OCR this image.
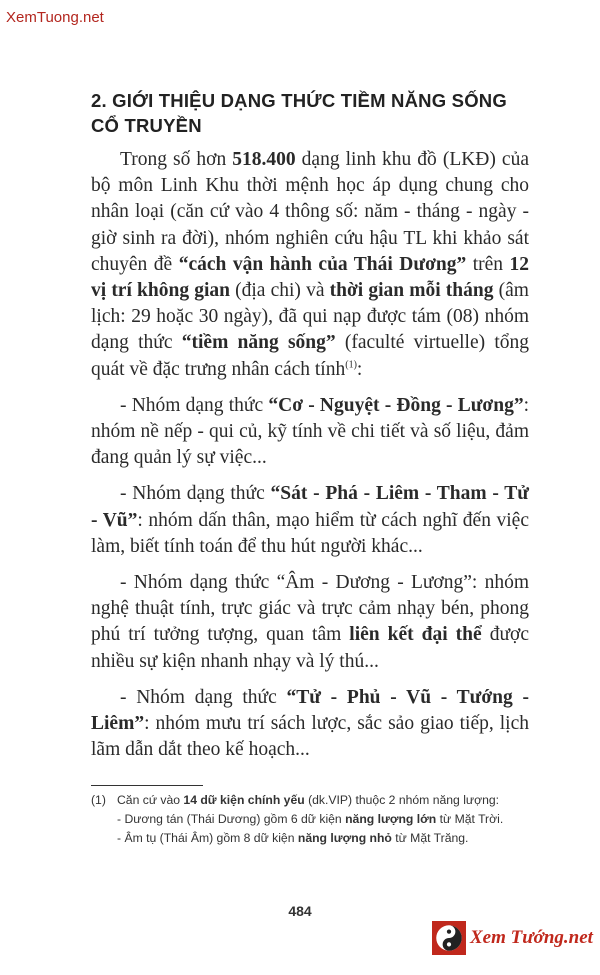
XemTuong.net
2. GIỚI THIỆU DẠNG THỨC TIỀM NĂNG SỐNG CỔ TRUYỀN

Trong số hơn 518.400 dạng linh khu đồ (LKĐ) của bộ môn Linh Khu thời mệnh học áp dụng chung cho nhân loại (căn cứ vào 4 thông số: năm - tháng - ngày - giờ sinh ra đời), nhóm nghiên cứu hậu TL khi khảo sát chuyên đề “cách vận hành của Thái Dương” trên 12 vị trí không gian (địa chi) và thời gian mỗi tháng (âm lịch: 29 hoặc 30 ngày), đã qui nạp được tám (08) nhóm dạng thức “tiềm năng sống” (faculté virtuelle) tổng quát về đặc trưng nhân cách tính$^{(1)}$:

- Nhóm dạng thức “Cơ - Nguyệt - Đồng - Lương”: nhóm nề nếp - qui củ, kỹ tính về chi tiết và số liệu, đảm đang quản lý sự việc...

- Nhóm dạng thức “Sát - Phá - Liêm - Tham - Tử - Vũ”: nhóm dấn thân, mạo hiểm từ cách nghĩ đến việc làm, biết tính toán để thu hút người khác...

- Nhóm dạng thức “Âm - Dương - Lương”: nhóm nghệ thuật tính, trực giác và trực cảm nhạy bén, phong phú trí tưởng tượng, quan tâm liên kết đại thể được nhiều sự kiện nhanh nhạy và lý thú...

- Nhóm dạng thức “Tử - Phủ - Vũ - Tướng - Liêm”: nhóm mưu trí sách lược, sắc sảo giao tiếp, lịch lãm dẫn dắt theo kế hoạch...

(1) Căn cứ vào 14 dữ kiện chính yếu (dk.VIP) thuộc 2 nhóm năng lượng:
- Dương tán (Thái Dương) gồm 6 dữ kiện năng lượng lớn từ Mặt Trời.
- Âm tụ (Thái Âm) gồm 8 dữ kiện năng lượng nhỏ từ Mặt Trăng.
484
Xem Tướng.net
